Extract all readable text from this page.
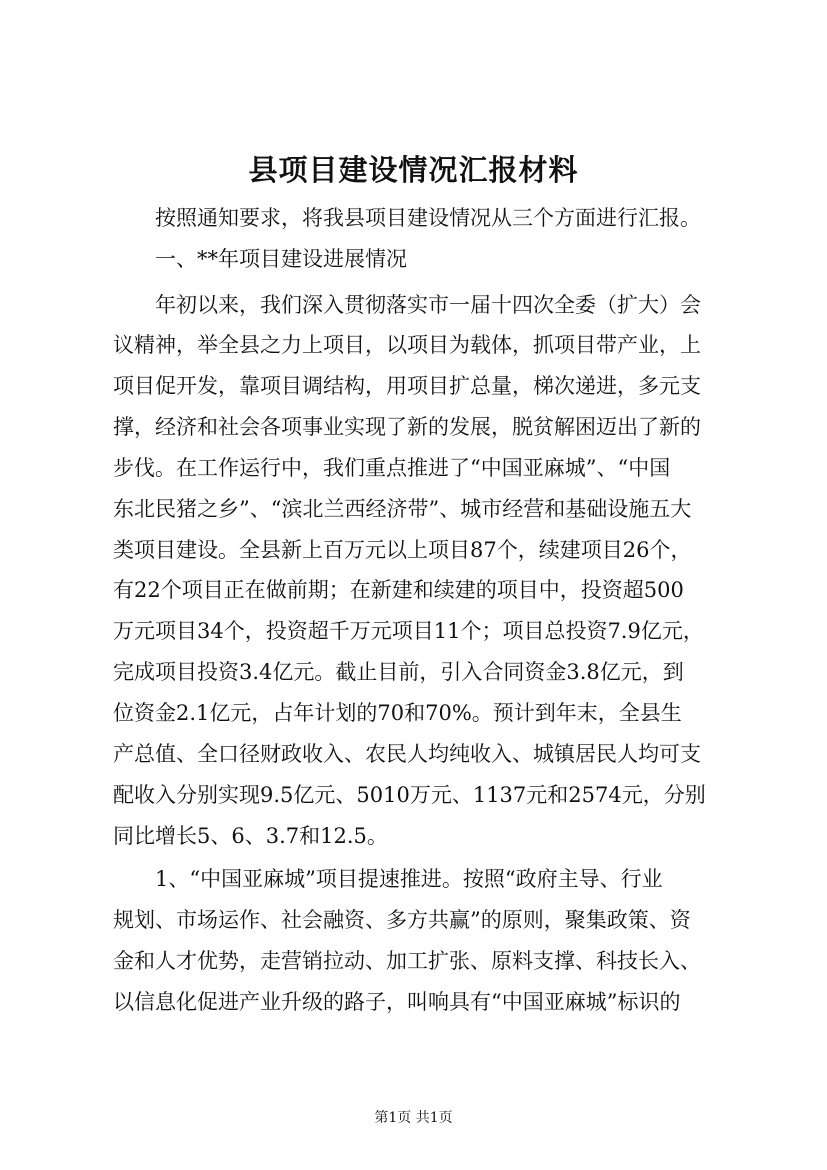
县项目建设情况汇报材料

按照通知要求，将我县项目建设情况从三个方面进行汇报。

一、**年项目建设进展情况

年初以来，我们深入贯彻落实市一届十四次全委（扩大）会

议精神，举全县之力上项目，以项目为载体，抓项目带产业，上

项目促开发，靠项目调结构，用项目扩总量，梯次递进，多元支

撑，经济和社会各项事业实现了新的发展，脱贫解困迈出了新的

步伐。在工作运行中，我们重点推进了“中国亚麻城”、“中国

东北民猪之乡”、“滨北兰西经济带”、城市经营和基础设施五大

类项目建设。全县新上百万元以上项目87个，续建项目26个，

有22个项目正在做前期；在新建和续建的项目中，投资超500

万元项目34个，投资超千万元项目11个；项目总投资7.9亿元，

完成项目投资3.4亿元。截止目前，引入合同资金3.8亿元，到

位资金2.1亿元，占年计划的70和70%。预计到年末，全县生

产总值、全口径财政收入、农民人均纯收入、城镇居民人均可支

配收入分别实现9.5亿元、5010万元、1137元和2574元，分别

同比增长5、6、3.7和12.5。

1、“中国亚麻城”项目提速推进。按照“政府主导、行业

规划、市场运作、社会融资、多方共赢”的原则，聚集政策、资

金和人才优势，走营销拉动、加工扩张、原料支撑、科技长入、

以信息化促进产业升级的路子，叫响具有“中国亚麻城”标识的

第1页 共1页
